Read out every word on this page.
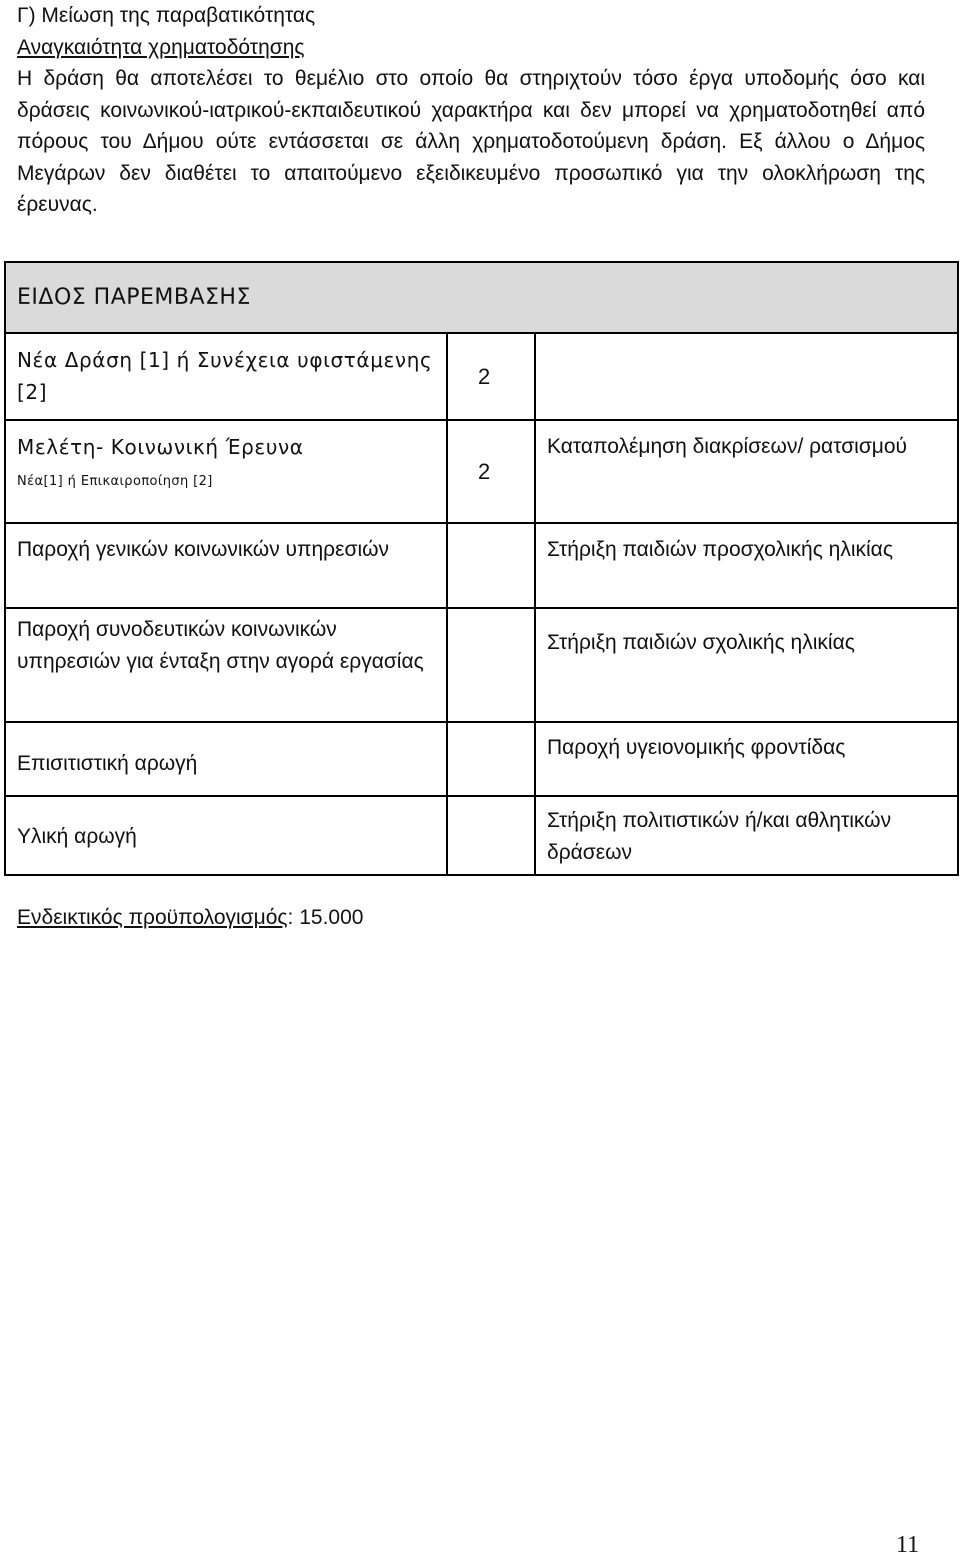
Γ) Μείωση της παραβατικότητας

Αναγκαιότητα χρηματοδότησης

Η δράση θα αποτελέσει το θεμέλιο στο οποίο θα στηριχτούν τόσο έργα υποδομής όσο και δράσεις κοινωνικού-ιατρικού-εκπαιδευτικού χαρακτήρα και δεν μπορεί να χρηματοδοτηθεί από πόρους του Δήμου ούτε εντάσσεται σε άλλη χρηματοδοτούμενη δράση. Εξ άλλου ο Δήμος Μεγάρων δεν διαθέτει το απαιτούμενο εξειδικευμένο προσωπικό για την ολοκλήρωση της έρευνας.

ΕΙΔΟΣ ΠΑΡΕΜΒΑΣΗΣ		
Νέα Δράση [1] ή Συνέχεια υφιστάμενης [2]	2	
Μελέτη- Κοινωνική Έρευνα
Νέα[1] ή Επικαιροποίηση [2]	2	Καταπολέμηση διακρίσεων/ ρατσισμού
Παροχή γενικών κοινωνικών υπηρεσιών		Στήριξη παιδιών προσχολικής ηλικίας
Παροχή συνοδευτικών κοινωνικών υπηρεσιών για ένταξη στην αγορά εργασίας		Στήριξη παιδιών σχολικής ηλικίας
Επισιτιστική αρωγή		Παροχή υγειονομικής φροντίδας
Υλική αρωγή		Στήριξη πολιτιστικών ή/και αθλητικών δράσεων
Ενδεικτικός προϋπολογισμός: 15.000
11
